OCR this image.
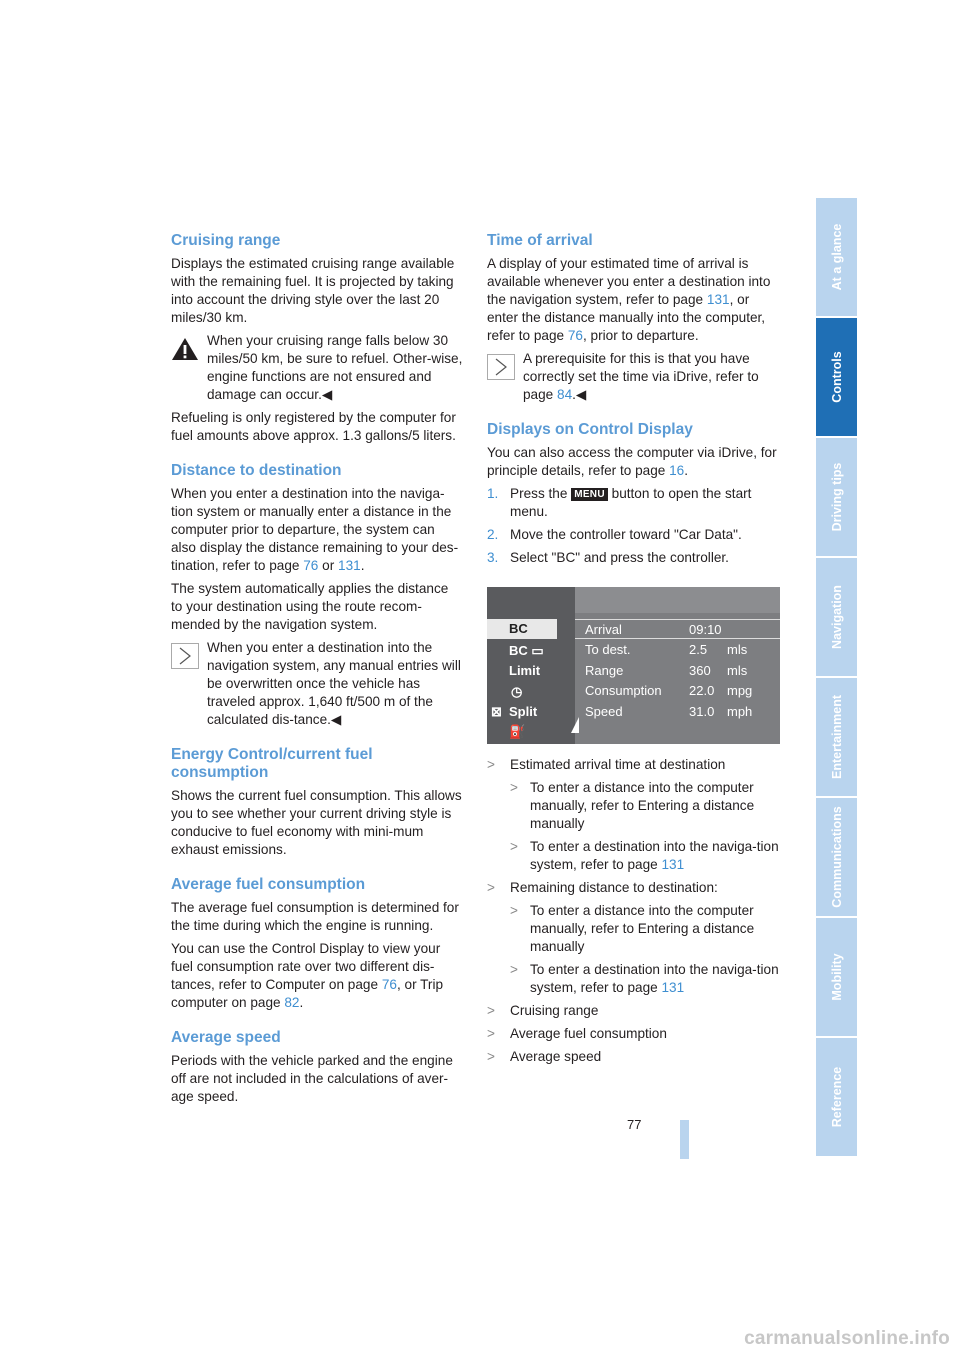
Cruising range

Displays the estimated cruising range available with the remaining fuel. It is projected by taking into account the driving style over the last 20 miles/30 km.

When your cruising range falls below 30 miles/50 km, be sure to refuel. Other-wise, engine functions are not ensured and damage can occur.◀

Refueling is only registered by the computer for fuel amounts above approx. 1.3 gallons/5 liters.

Distance to destination

When you enter a destination into the naviga-tion system or manually enter a distance in the computer prior to departure, the system can also display the distance remaining to your des-tination, refer to page 76 or 131.

The system automatically applies the distance to your destination using the route recom-mended by the navigation system.

When you enter a destination into the navigation system, any manual entries will be overwritten once the vehicle has traveled approx. 1,640 ft/500 m of the calculated dis-tance.◀
Energy Control/current fuel consumption

Shows the current fuel consumption. This allows you to see whether your current driving style is conducive to fuel economy with mini-mum exhaust emissions.

Average fuel consumption

The average fuel consumption is determined for the time during which the engine is running.

You can use the Control Display to view your fuel consumption rate over two different dis-tances, refer to Computer on page 76, or Trip computer on page 82.

Average speed

Periods with the vehicle parked and the engine off are not included in the calculations of aver-age speed.

Time of arrival

A display of your estimated time of arrival is available whenever you enter a destination into the navigation system, refer to page 131, or enter the distance manually into the computer, refer to page 76, prior to departure.

A prerequisite for this is that you have correctly set the time via iDrive, refer to page 84.◀
Displays on Control Display

You can also access the computer via iDrive, for principle details, refer to page 16.

1. Press the MENU button to open the start menu.
2. Move the controller toward "Car Data".
3. Select "BC" and press the controller.
BC
BC ▭
Limit
◷
⊠ Split
⛽
Arrival	09:10
To dest.	2.5 mls
Range	360 mls
Consumption 22.0 mpg
Speed	31.0 mph
> Estimated arrival time at destination
> To enter a distance into the computer manually, refer to Entering a distance manually
> To enter a destination into the naviga-tion system, refer to page 131
> Remaining distance to destination:
> To enter a distance into the computer manually, refer to Entering a distance manually
> To enter a destination into the naviga-tion system, refer to page 131
> Cruising range
> Average fuel consumption
> Average speed
At a glance
Controls
Driving tips
Navigation
Entertainment
Communications
Mobility
Reference
77
carmanualsonline.info
